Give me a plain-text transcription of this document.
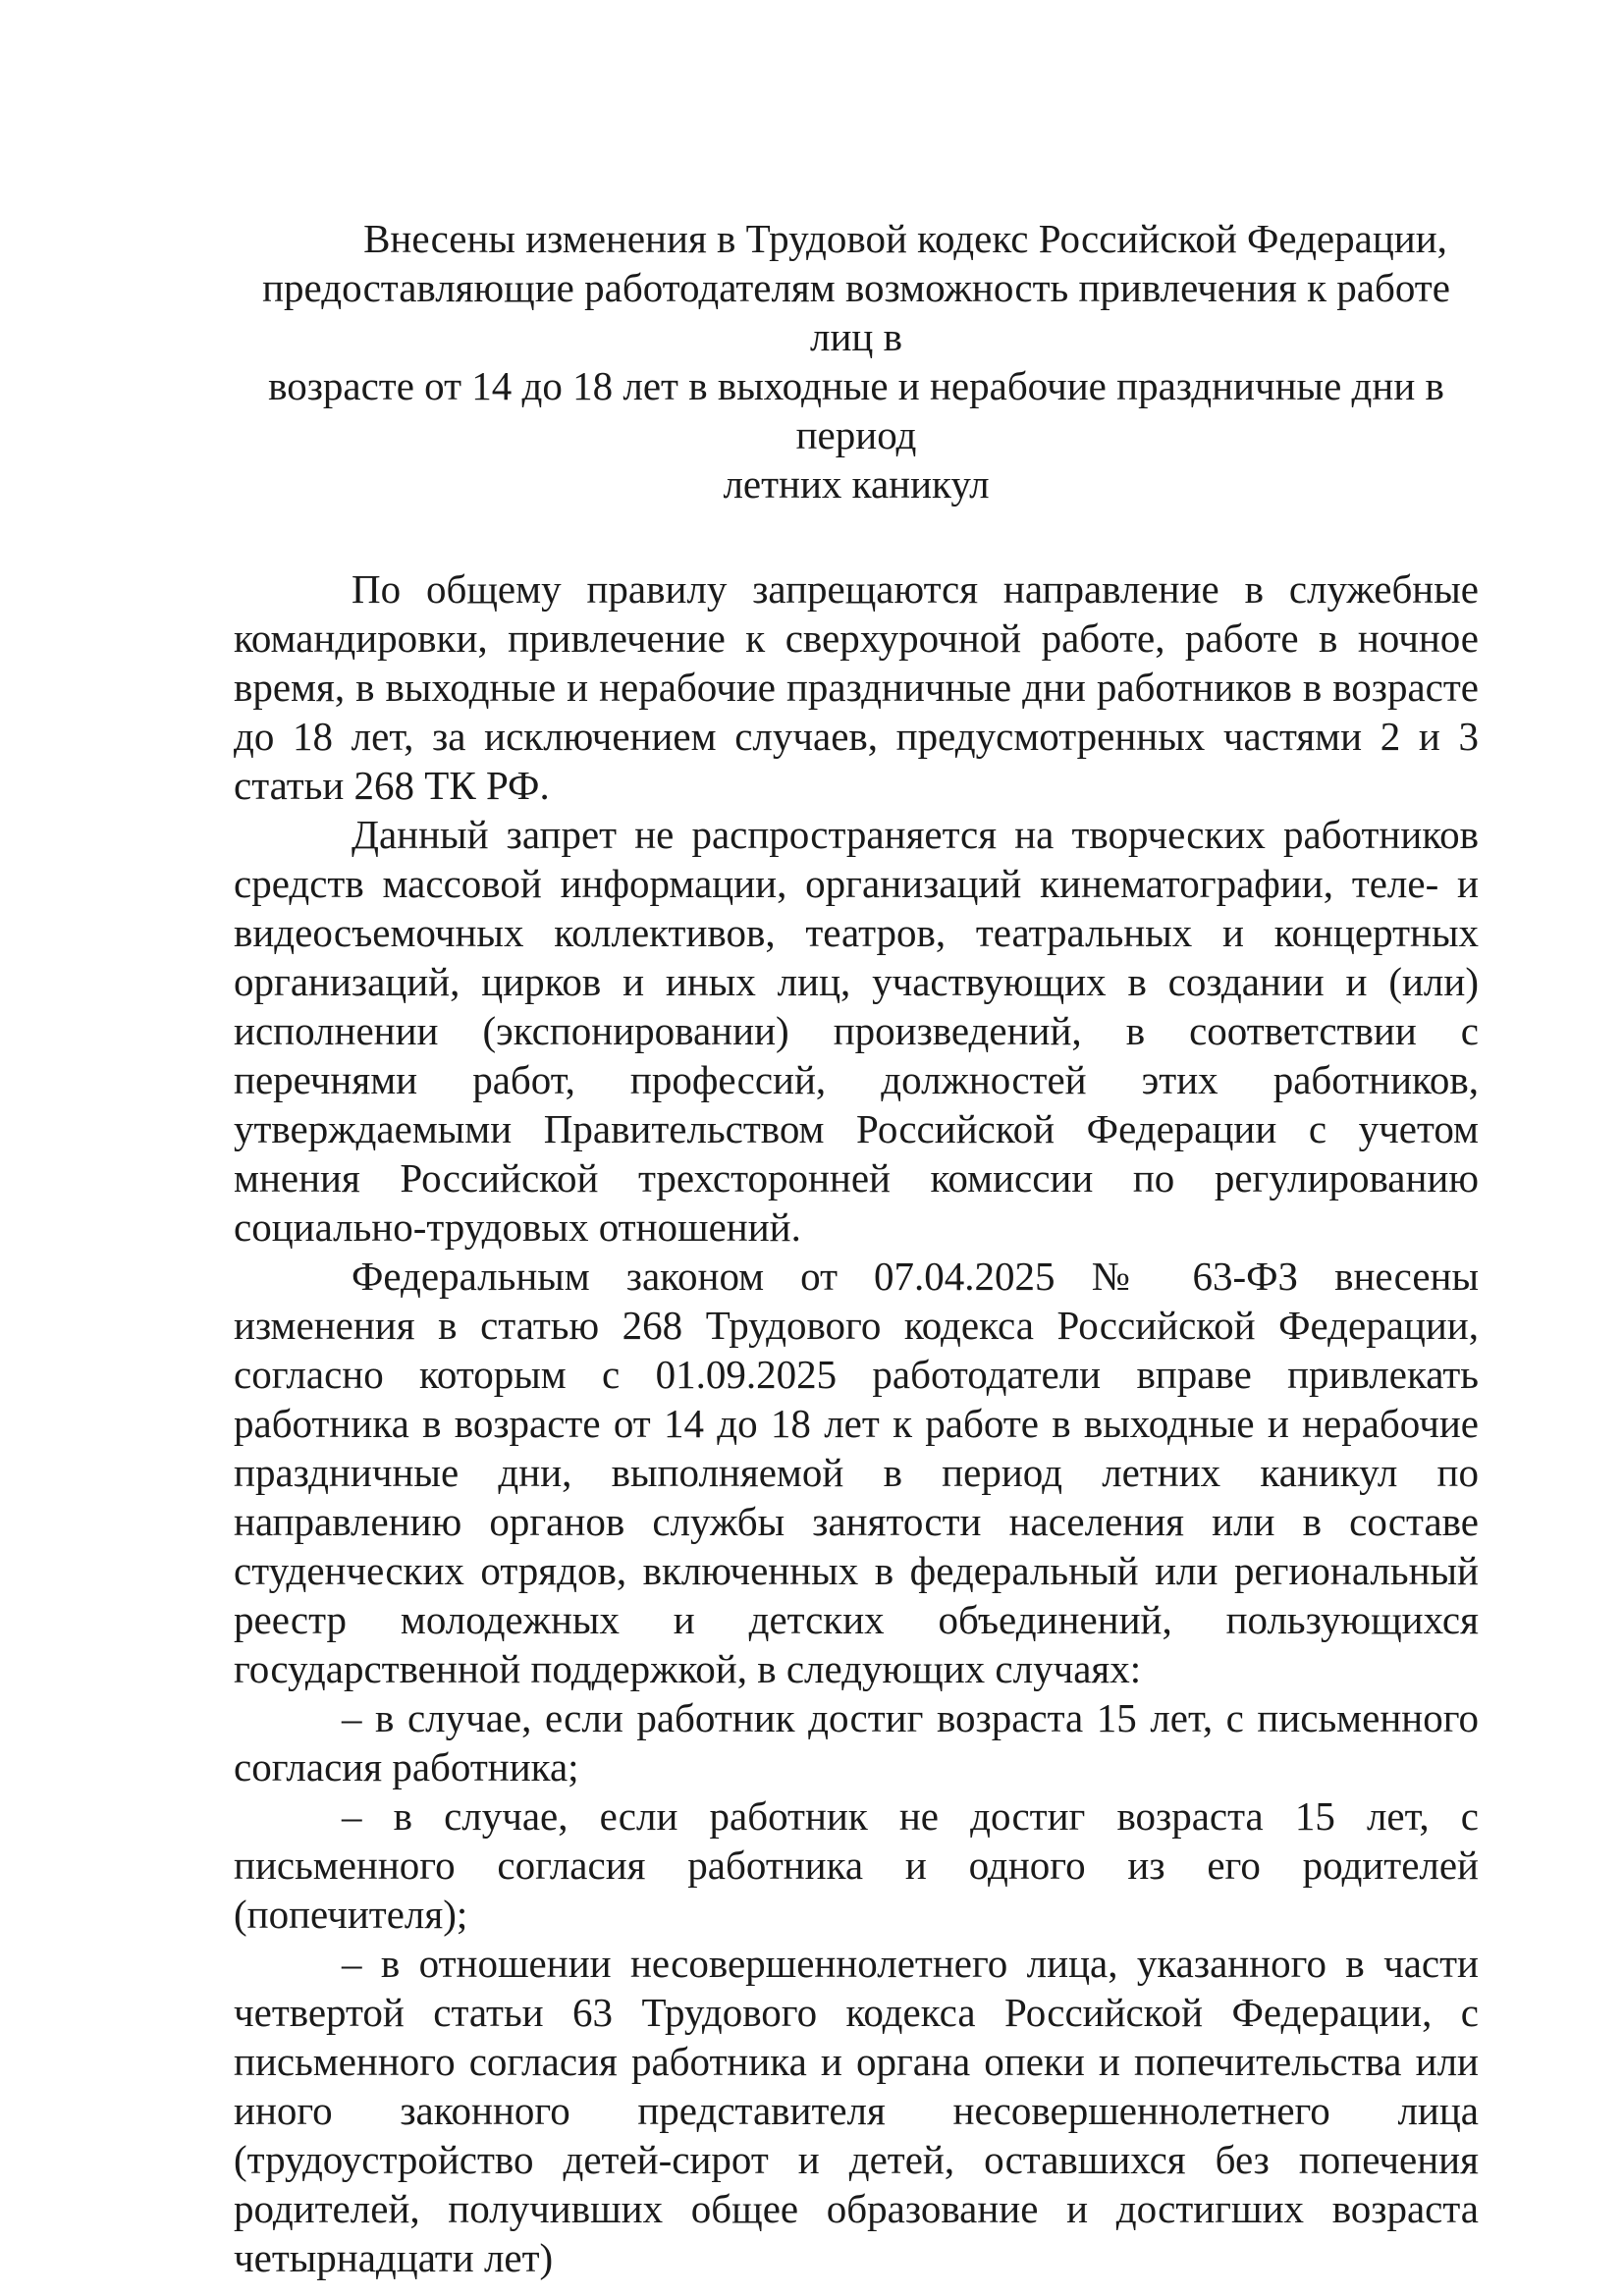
Внесены изменения в Трудовой кодекс Российской Федерации,
предоставляющие работодателям возможность привлечения к работе лиц в
возрасте от 14 до 18 лет в выходные и нерабочие праздничные дни в период
летних каникул

По общему правилу запрещаются направление в служебные командировки, привлечение к сверхурочной работе, работе в ночное время, в выходные и нерабочие праздничные дни работников в возрасте до 18 лет, за исключением случаев, предусмотренных частями 2 и 3 статьи 268 ТК РФ.

Данный запрет не распространяется на творческих работников средств массовой информации, организаций кинематографии, теле- и видеосъемочных коллективов, театров, театральных и концертных организаций, цирков и иных лиц, участвующих в создании и (или) исполнении (экспонировании) произведений, в соответствии с перечнями работ, профессий, должностей этих работников, утверждаемыми Правительством Российской Федерации с учетом мнения Российской трехсторонней комиссии по регулированию социально-трудовых отношений.

Федеральным законом от 07.04.2025 № 63-ФЗ внесены изменения в статью 268 Трудового кодекса Российской Федерации, согласно которым с 01.09.2025 работодатели вправе привлекать работника в возрасте от 14 до 18 лет к работе в выходные и нерабочие праздничные дни, выполняемой в период летних каникул по направлению органов службы занятости населения или в составе студенческих отрядов, включенных в федеральный или региональный реестр молодежных и детских объединений, пользующихся государственной поддержкой, в следующих случаях:

– в случае, если работник достиг возраста 15 лет, с письменного согласия работника;

– в случае, если работник не достиг возраста 15 лет, с письменного согласия работника и одного из его родителей (попечителя);

– в отношении несовершеннолетнего лица, указанного в части четвертой статьи 63 Трудового кодекса Российской Федерации, с письменного согласия работника и органа опеки и попечительства или иного законного представителя несовершеннолетнего лица (трудоустройство детей-сирот и детей, оставшихся без попечения родителей, получивших общее образование и достигших возраста четырнадцати лет)
